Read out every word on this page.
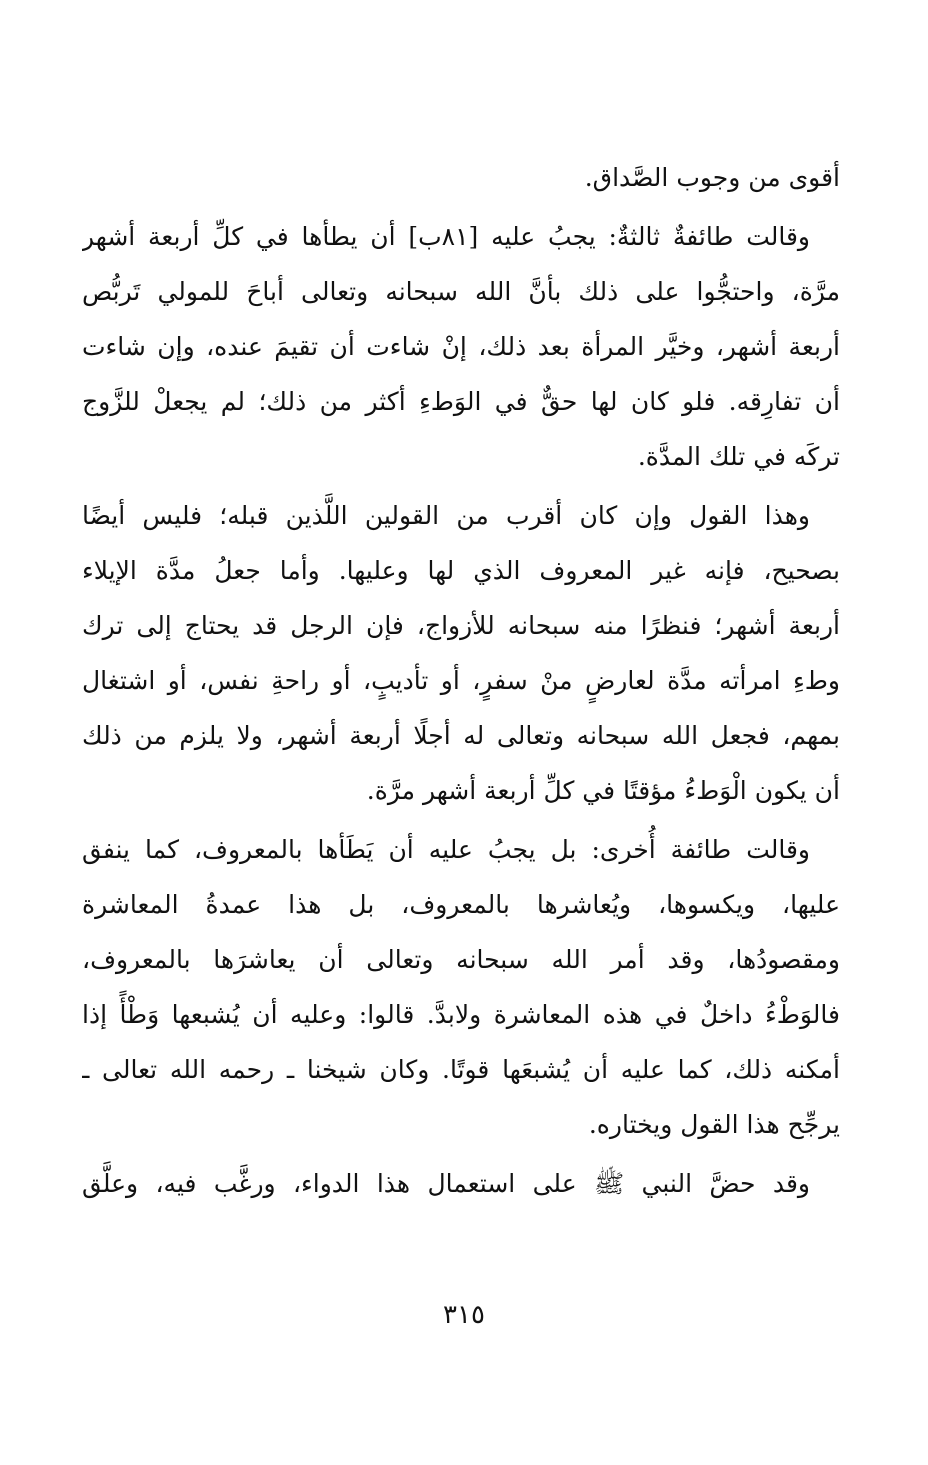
أقوى من وجوب الصَّداق.
وقالت طائفةٌ ثالثةٌ: يجبُ عليه [٨١ب] أن يطأها في كلِّ أربعة أشهر
مرَّة، واحتجُّوا على ذلك بأنَّ الله سبحانه وتعالى أباحَ للمولي تَربُّص
أربعة أشهر، وخيَّر المرأة بعد ذلك، إنْ شاءت أن تقيمَ عنده، وإن شاءت
أن تفارِقه. فلو كان لها حقٌّ في الوَطءِ أكثر من ذلك؛ لم يجعلْ للزَّوج
تركَه في تلك المدَّة.
وهذا القول وإن كان أقرب من القولين اللَّذين قبله؛ فليس أيضًا
بصحيح، فإنه غير المعروف الذي لها وعليها. وأما جعلُ مدَّة الإيلاء
أربعة أشهر؛ فنظرًا منه سبحانه للأزواج، فإن الرجل قد يحتاج إلى ترك
وطءِ امرأته مدَّة لعارضٍ منْ سفرٍ، أو تأديبٍ، أو راحةِ نفس، أو اشتغال
بمهم، فجعل الله سبحانه وتعالى له أجلًا أربعة أشهر، ولا يلزم من ذلك
أن يكون الْوَطءُ مؤقتًا في كلِّ أربعة أشهر مرَّة.
وقالت طائفة أُخرى: بل يجبُ عليه أن يَطَأها بالمعروف، كما ينفق
عليها، ويكسوها، ويُعاشرها بالمعروف، بل هذا عمدةُ المعاشرة
ومقصودُها، وقد أمر الله سبحانه وتعالى أن يعاشرَها بالمعروف،
فالوَطْءُ داخلٌ في هذه المعاشرة ولابدَّ. قالوا: وعليه أن يُشبعها وَطْأً إذا
أمكنه ذلك، كما عليه أن يُشبعَها قوتًا. وكان شيخنا ـ رحمه الله تعالى ـ
يرجِّح هذا القول ويختاره.
وقد حضَّ النبي ﷺ على استعمال هذا الدواء، ورغَّب فيه، وعلَّق
٣١٥
